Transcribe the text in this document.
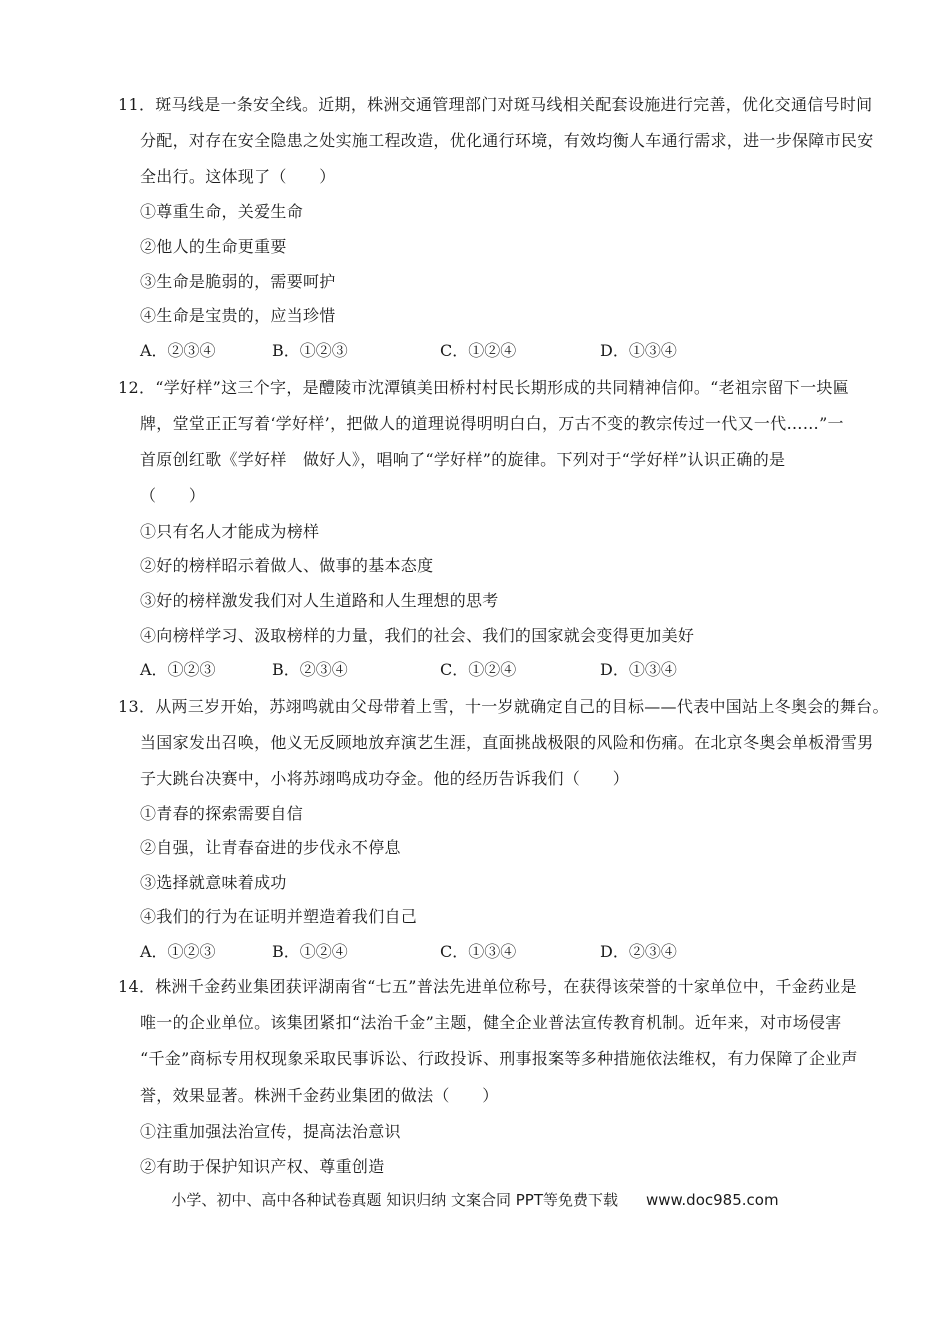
11．斑马线是一条安全线。近期，株洲交通管理部门对斑马线相关配套设施进行完善，优化交通信号时间
分配，对存在安全隐患之处实施工程改造，优化通行环境，有效均衡人车通行需求，进一步保障市民安
全出行。这体现了（　　）
①尊重生命，关爱生命
②他人的生命更重要
③生命是脆弱的，需要呵护
④生命是宝贵的，应当珍惜
A．②③④	B．①②③	C．①②④	D．①③④
12．“学好样”这三个字，是醴陵市沈潭镇美田桥村村民长期形成的共同精神信仰。“老祖宗留下一块匾
牌，堂堂正正写着‘学好样’，把做人的道理说得明明白白，万古不变的教宗传过一代又一代……”一
首原创红歌《学好样　做好人》，唱响了“学好样”的旋律。下列对于“学好样”认识正确的是
（　　）
①只有名人才能成为榜样
②好的榜样昭示着做人、做事的基本态度
③好的榜样激发我们对人生道路和人生理想的思考
④向榜样学习、汲取榜样的力量，我们的社会、我们的国家就会变得更加美好
A．①②③	B．②③④	C．①②④	D．①③④
13．从两三岁开始，苏翊鸣就由父母带着上雪，十一岁就确定自己的目标——代表中国站上冬奥会的舞台。
当国家发出召唤，他义无反顾地放弃演艺生涯，直面挑战极限的风险和伤痛。在北京冬奥会单板滑雪男
子大跳台决赛中，小将苏翊鸣成功夺金。他的经历告诉我们（　　）
①青春的探索需要自信
②自强，让青春奋进的步伐永不停息
③选择就意味着成功
④我们的行为在证明并塑造着我们自己
A．①②③	B．①②④	C．①③④	D．②③④
14．株洲千金药业集团获评湖南省“七五”普法先进单位称号，在获得该荣誉的十家单位中，千金药业是
唯一的企业单位。该集团紧扣“法治千金”主题，健全企业普法宣传教育机制。近年来，对市场侵害
“千金”商标专用权现象采取民事诉讼、行政投诉、刑事报案等多种措施依法维权，有力保障了企业声
誉，效果显著。株洲千金药业集团的做法（　　）
①注重加强法治宣传，提高法治意识
②有助于保护知识产权、尊重创造
小学、初中、高中各种试卷真题 知识归纳 文案合同 PPT等免费下载 www.doc985.com
